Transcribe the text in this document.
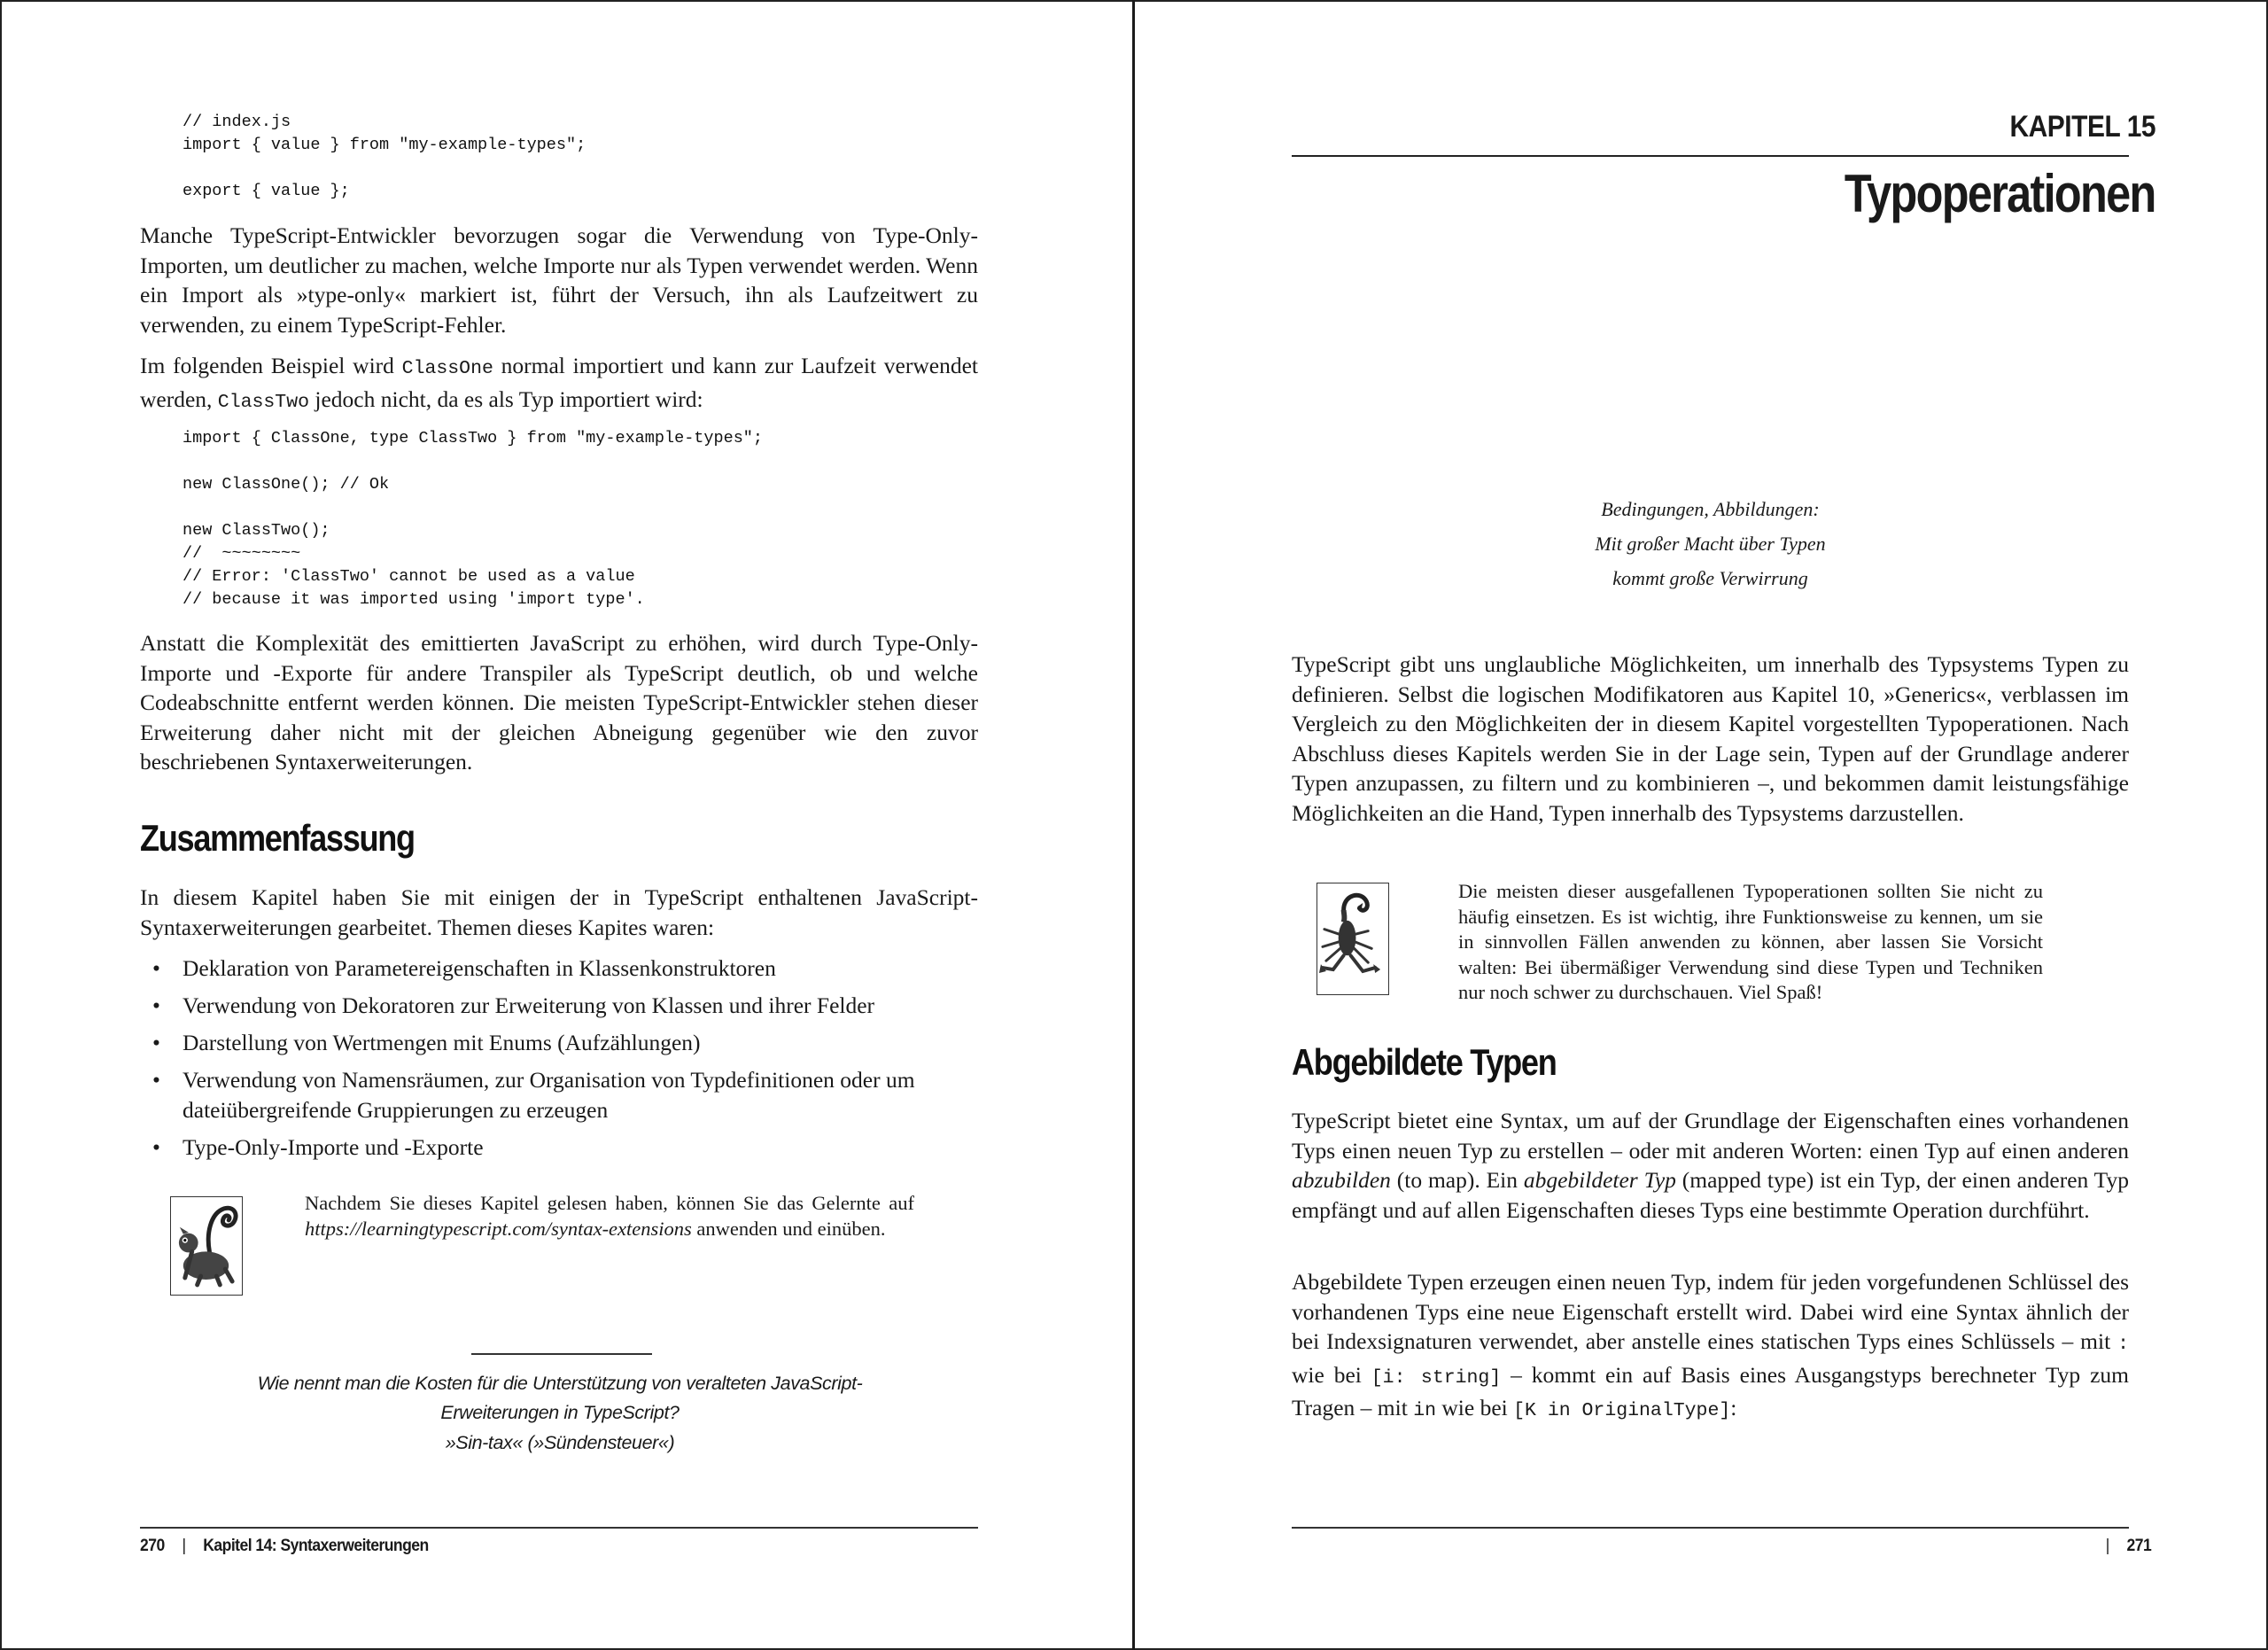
// index.js
import { value } from "my-example-types";

export { value };
Manche TypeScript-Entwickler bevorzugen sogar die Verwendung von Type-Only-Importen, um deutlicher zu machen, welche Importe nur als Typen verwendet werden. Wenn ein Import als »type-only« markiert ist, führt der Versuch, ihn als Laufzeitwert zu verwenden, zu einem TypeScript-Fehler.
Im folgenden Beispiel wird ClassOne normal importiert und kann zur Laufzeit verwendet werden, ClassTwo jedoch nicht, da es als Typ importiert wird:
import { ClassOne, type ClassTwo } from "my-example-types";

new ClassOne(); // Ok

new ClassTwo();
//  ~~~~~~~~
// Error: 'ClassTwo' cannot be used as a value
// because it was imported using 'import type'.
Anstatt die Komplexität des emittierten JavaScript zu erhöhen, wird durch Type-Only-Importe und -Exporte für andere Transpiler als TypeScript deutlich, ob und welche Codeabschnitte entfernt werden können. Die meisten TypeScript-Entwickler stehen dieser Erweiterung daher nicht mit der gleichen Abneigung gegenüber wie den zuvor beschriebenen Syntaxerweiterungen.
Zusammenfassung
In diesem Kapitel haben Sie mit einigen der in TypeScript enthaltenen JavaScript-Syntaxerweiterungen gearbeitet. Themen dieses Kapites waren:
• Deklaration von Parametereigenschaften in Klassenkonstruktoren
• Verwendung von Dekoratoren zur Erweiterung von Klassen und ihrer Felder
• Darstellung von Wertmengen mit Enums (Aufzählungen)
• Verwendung von Namensräumen, zur Organisation von Typdefinitionen oder um dateiübergreifende Gruppierungen zu erzeugen
• Type-Only-Importe und -Exporte
Nachdem Sie dieses Kapitel gelesen haben, können Sie das Gelernte auf https://learningtypescript.com/syntax-extensions anwenden und einüben.
Wie nennt man die Kosten für die Unterstützung von veralteten JavaScript-Erweiterungen in TypeScript?
»Sin-tax« (»Sündensteuer«)
270 | Kapitel 14: Syntaxerweiterungen
KAPITEL 15
Typoperationen
Bedingungen, Abbildungen:
Mit großer Macht über Typen
kommt große Verwirrung
TypeScript gibt uns unglaubliche Möglichkeiten, um innerhalb des Typsystems Typen zu definieren. Selbst die logischen Modifikatoren aus Kapitel 10, »Generics«, verblassen im Vergleich zu den Möglichkeiten der in diesem Kapitel vorgestellten Typoperationen. Nach Abschluss dieses Kapitels werden Sie in der Lage sein, Typen auf der Grundlage anderer Typen anzupassen, zu filtern und zu kombinieren –, und bekommen damit leistungsfähige Möglichkeiten an die Hand, Typen innerhalb des Typsystems darzustellen.
Die meisten dieser ausgefallenen Typoperationen sollten Sie nicht zu häufig einsetzen. Es ist wichtig, ihre Funktionsweise zu kennen, um sie in sinnvollen Fällen anwenden zu können, aber lassen Sie Vorsicht walten: Bei übermäßiger Verwendung sind diese Typen und Techniken nur noch schwer zu durchschauen. Viel Spaß!
Abgebildete Typen
TypeScript bietet eine Syntax, um auf der Grundlage der Eigenschaften eines vorhandenen Typs einen neuen Typ zu erstellen – oder mit anderen Worten: einen Typ auf einen anderen abzubilden (to map). Ein abgebildeter Typ (mapped type) ist ein Typ, der einen anderen Typ empfängt und auf allen Eigenschaften dieses Typs eine bestimmte Operation durchführt.
Abgebildete Typen erzeugen einen neuen Typ, indem für jeden vorgefundenen Schlüssel des vorhandenen Typs eine neue Eigenschaft erstellt wird. Dabei wird eine Syntax ähnlich der bei Indexsignaturen verwendet, aber anstelle eines statischen Typs eines Schlüssels – mit : wie bei [i: string] – kommt ein auf Basis eines Ausgangstyps berechneter Typ zum Tragen – mit in wie bei [K in OriginalType]:
| 271
